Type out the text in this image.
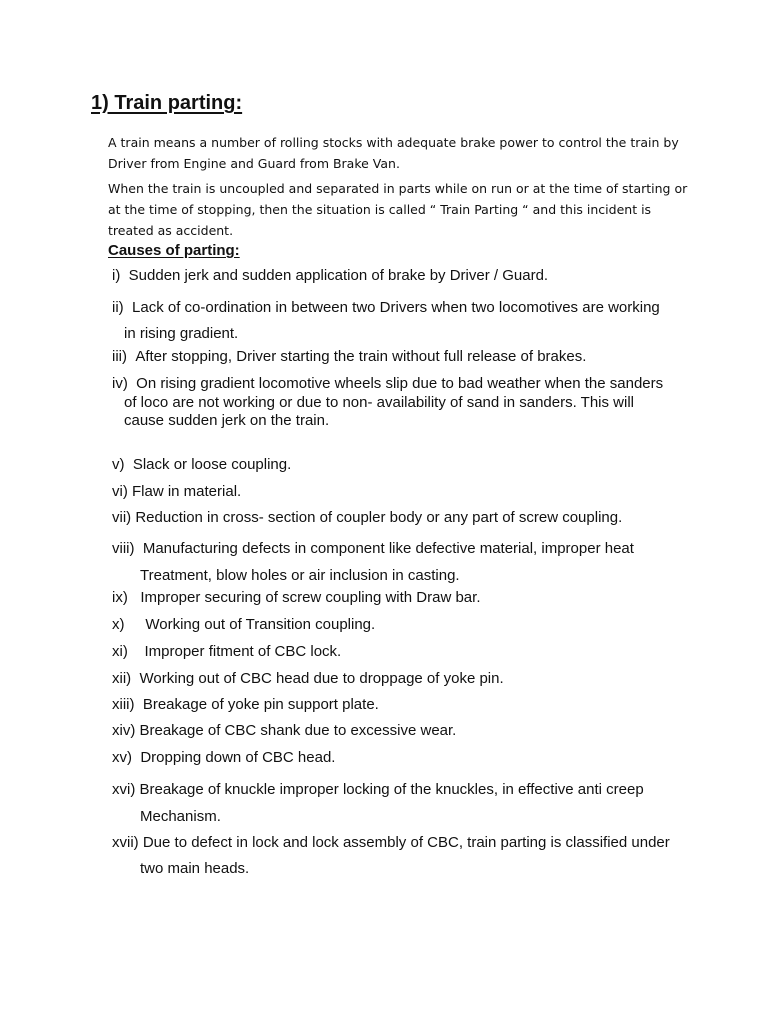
1) Train parting:

A train means a number of rolling stocks with adequate brake power to control the train by Driver from Engine and Guard from Brake Van.

When the train is uncoupled and separated in parts while on run or at the time of starting or at the time of stopping, then the situation is called “ Train Parting “ and this incident is treated as accident.

Causes of parting:
i) Sudden jerk and sudden application of brake by Driver / Guard.
ii) Lack of co-ordination in between two Drivers when two locomotives are working
in rising gradient.
iii) After stopping, Driver starting the train without full release of brakes.
iv) On rising gradient locomotive wheels slip due to bad weather when the sanders
of loco are not working or due to non- availability of sand in sanders. This will
cause sudden jerk on the train.
v) Slack or loose coupling.
vi) Flaw in material.
vii) Reduction in cross- section of coupler body or any part of screw coupling.
viii) Manufacturing defects in component like defective material, improper heat
Treatment, blow holes or air inclusion in casting.
ix) Improper securing of screw coupling with Draw bar.
x) Working out of Transition coupling.
xi) Improper fitment of CBC lock.
xii) Working out of CBC head due to droppage of yoke pin.
xiii) Breakage of yoke pin support plate.
xiv) Breakage of CBC shank due to excessive wear.
xv) Dropping down of CBC head.
xvi) Breakage of knuckle improper locking of the knuckles, in effective anti creep
Mechanism.
xvii) Due to defect in lock and lock assembly of CBC, train parting is classified under
two main heads.
